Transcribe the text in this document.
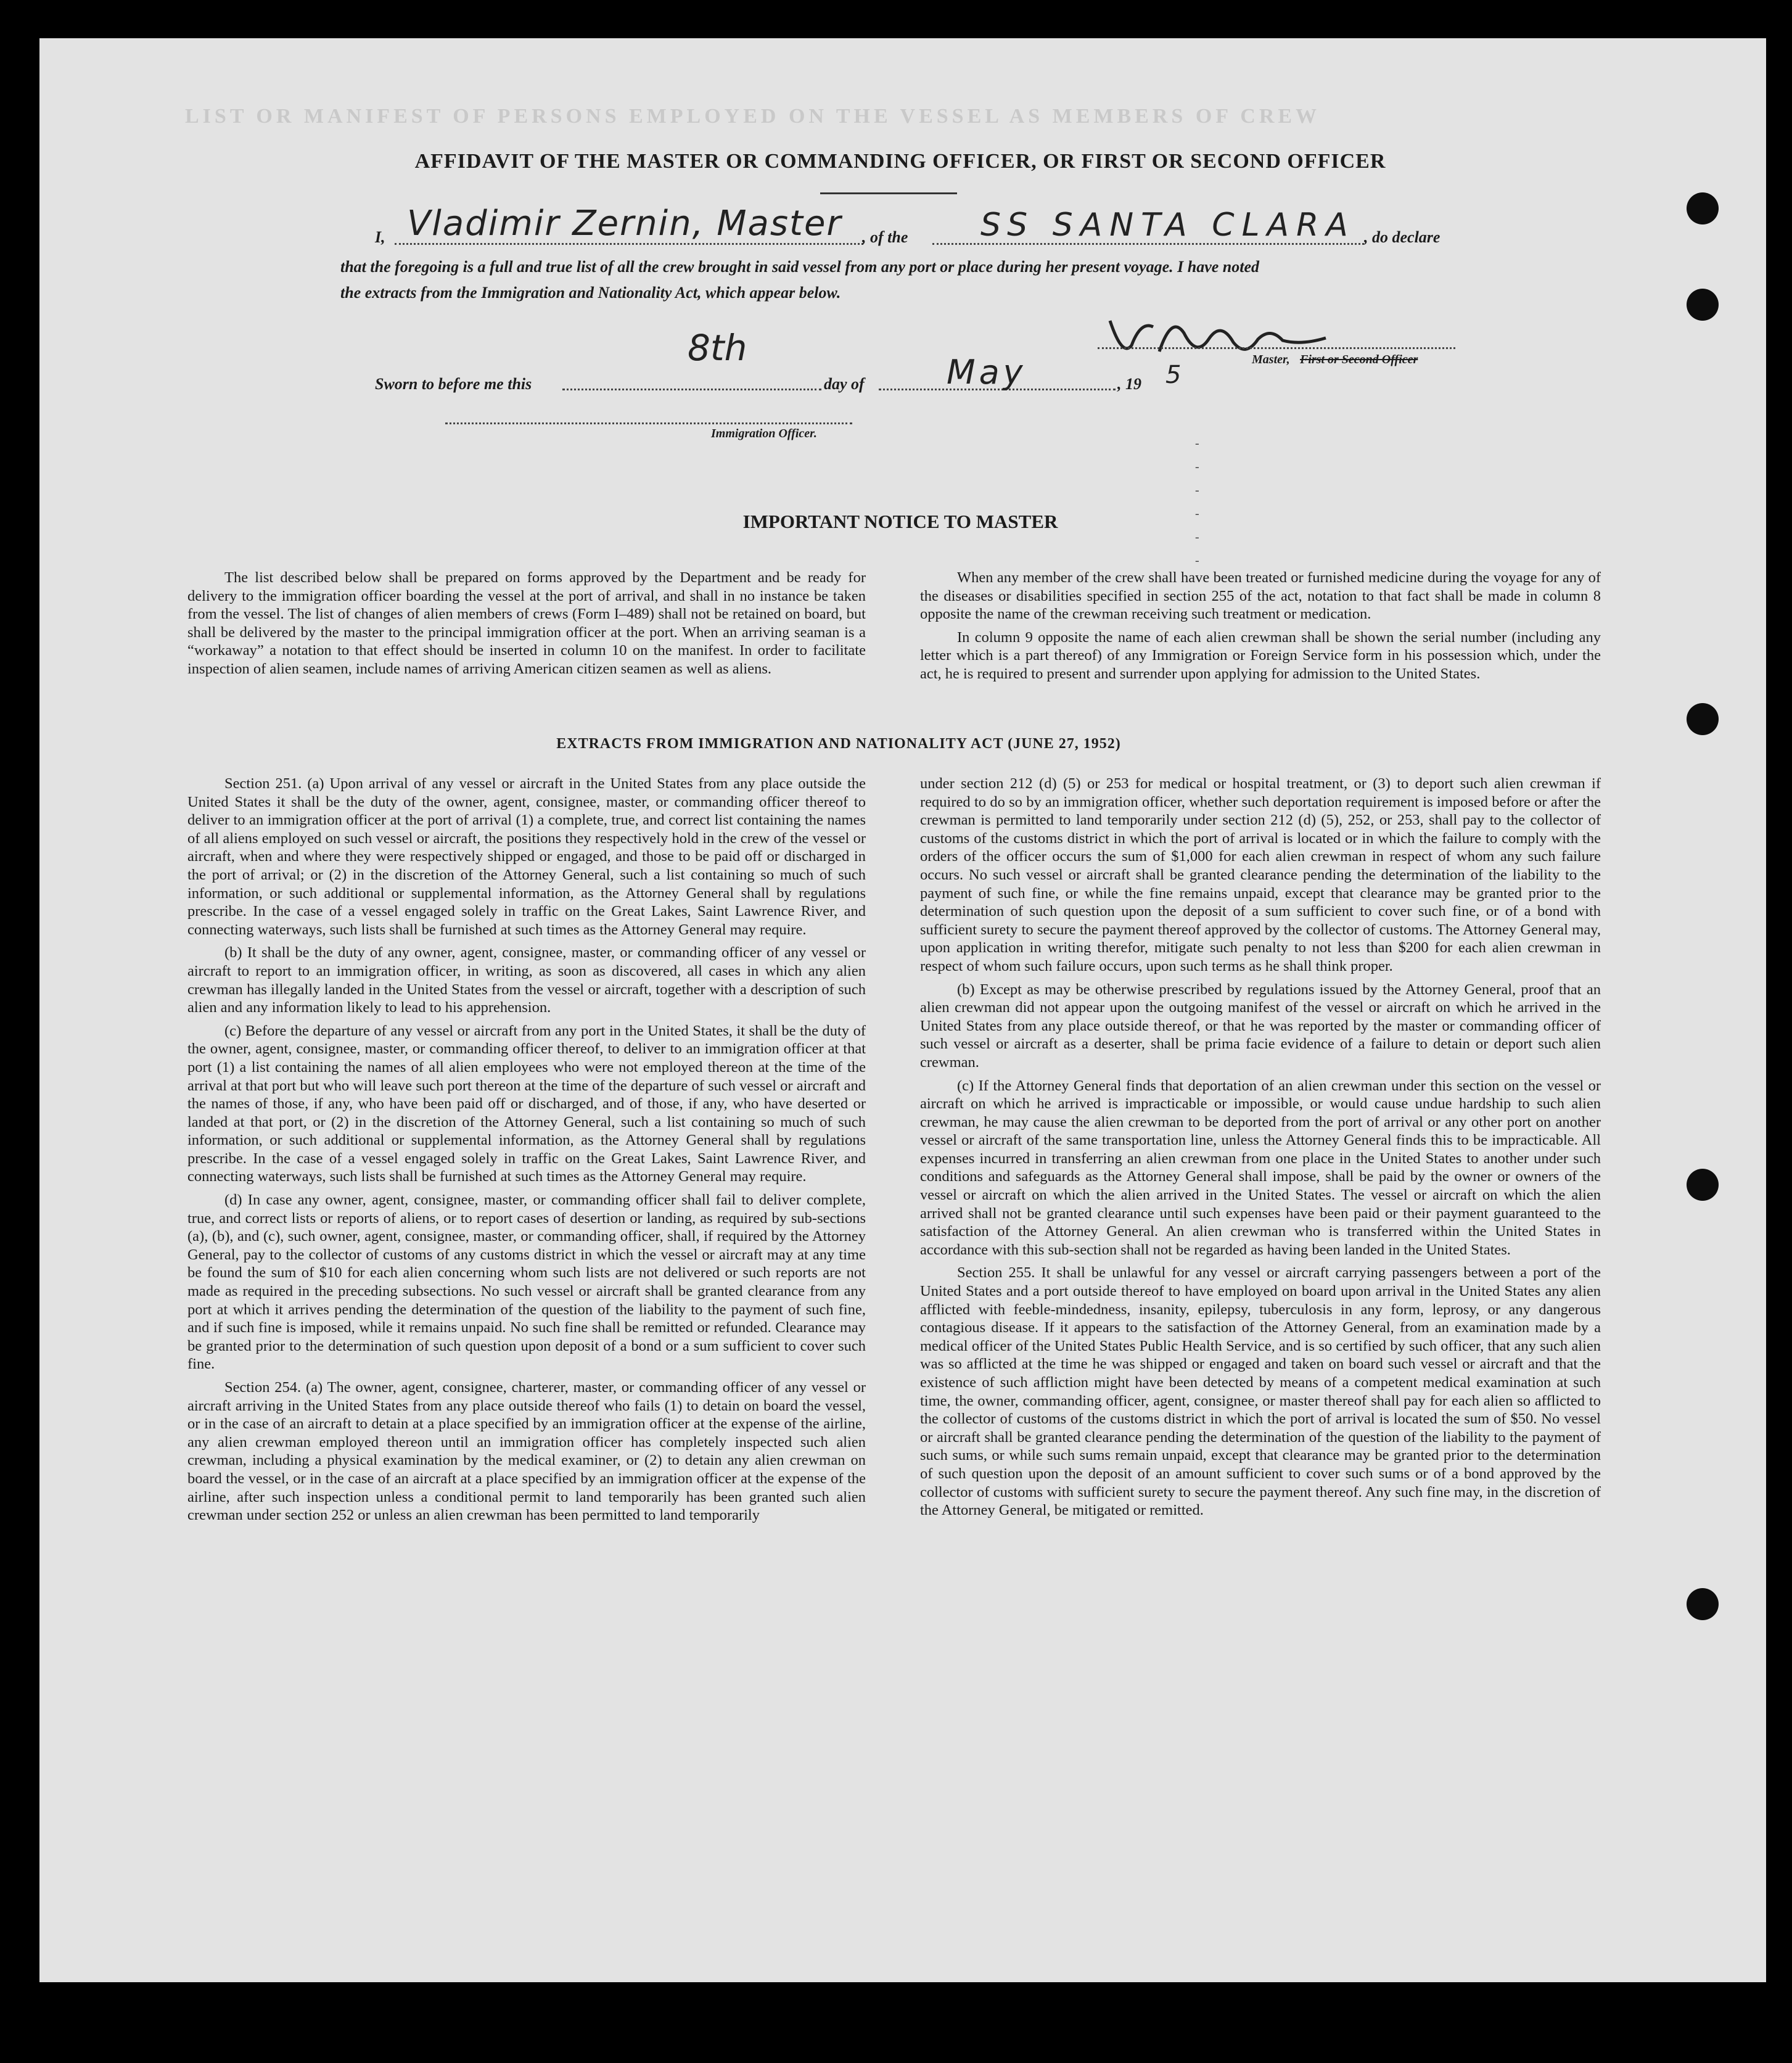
LIST OR MANIFEST OF PERSONS EMPLOYED ON THE VESSEL AS MEMBERS OF CREW
AFFIDAVIT OF THE MASTER OR COMMANDING OFFICER, OR FIRST OR SECOND OFFICER
I, Vladimir Zernin, Master , of the SS SANTA CLARA , do declare
that the foregoing is a full and true list of all the crew brought in said vessel from any port or place during her present voyage. I have noted
the extracts from the Immigration and Nationality Act, which appear below.
Master, First or Second Officer
Sworn to before me this
8th
day of May	, 19 5
Immigration Officer.
-
-
-
-
-
-
IMPORTANT NOTICE TO MASTER

The list described below shall be prepared on forms approved by the Department and be ready for delivery to the immigration officer boarding the vessel at the port of arrival, and shall in no instance be taken from the vessel. The list of changes of alien members of crews (Form I–489) shall not be retained on board, but shall be delivered by the master to the principal immigration officer at the port. When an arriving seaman is a “workaway” a notation to that effect should be inserted in column 10 on the manifest. In order to facilitate inspection of alien seamen, include names of arriving American citizen seamen as well as aliens.

When any member of the crew shall have been treated or furnished medicine during the voyage for any of the diseases or disabilities specified in section 255 of the act, notation to that fact shall be made in column 8 opposite the name of the crewman receiving such treatment or medication.

In column 9 opposite the name of each alien crewman shall be shown the serial number (including any letter which is a part thereof) of any Immigration or Foreign Service form in his possession which, under the act, he is required to present and surrender upon applying for admission to the United States.

EXTRACTS FROM IMMIGRATION AND NATIONALITY ACT (JUNE 27, 1952)

Section 251. (a) Upon arrival of any vessel or aircraft in the United States from any place outside the United States it shall be the duty of the owner, agent, consignee, master, or commanding officer thereof to deliver to an immigration officer at the port of arrival (1) a complete, true, and correct list containing the names of all aliens employed on such vessel or aircraft, the positions they respectively hold in the crew of the vessel or aircraft, when and where they were respectively shipped or engaged, and those to be paid off or discharged in the port of arrival; or (2) in the discretion of the Attorney General, such a list containing so much of such information, or such additional or supplemental information, as the Attorney General shall by regulations prescribe. In the case of a vessel engaged solely in traffic on the Great Lakes, Saint Lawrence River, and connecting waterways, such lists shall be furnished at such times as the Attorney General may require.

(b) It shall be the duty of any owner, agent, consignee, master, or commanding officer of any vessel or aircraft to report to an immigration officer, in writing, as soon as discovered, all cases in which any alien crewman has illegally landed in the United States from the vessel or aircraft, together with a description of such alien and any information likely to lead to his apprehension.

(c) Before the departure of any vessel or aircraft from any port in the United States, it shall be the duty of the owner, agent, consignee, master, or commanding officer thereof, to deliver to an immigration officer at that port (1) a list containing the names of all alien employees who were not employed thereon at the time of the arrival at that port but who will leave such port thereon at the time of the departure of such vessel or aircraft and the names of those, if any, who have been paid off or discharged, and of those, if any, who have deserted or landed at that port, or (2) in the discretion of the Attorney General, such a list containing so much of such information, or such additional or supplemental information, as the Attorney General shall by regulations prescribe. In the case of a vessel engaged solely in traffic on the Great Lakes, Saint Lawrence River, and connecting waterways, such lists shall be furnished at such times as the Attorney General may require.

(d) In case any owner, agent, consignee, master, or commanding officer shall fail to deliver complete, true, and correct lists or reports of aliens, or to report cases of desertion or landing, as required by sub-sections (a), (b), and (c), such owner, agent, consignee, master, or commanding officer, shall, if required by the Attorney General, pay to the collector of customs of any customs district in which the vessel or aircraft may at any time be found the sum of $10 for each alien concerning whom such lists are not delivered or such reports are not made as required in the preceding subsections. No such vessel or aircraft shall be granted clearance from any port at which it arrives pending the determination of the question of the liability to the payment of such fine, and if such fine is imposed, while it remains unpaid. No such fine shall be remitted or refunded. Clearance may be granted prior to the determination of such question upon deposit of a bond or a sum sufficient to cover such fine.

Section 254. (a) The owner, agent, consignee, charterer, master, or commanding officer of any vessel or aircraft arriving in the United States from any place outside thereof who fails (1) to detain on board the vessel, or in the case of an aircraft to detain at a place specified by an immigration officer at the expense of the airline, any alien crewman employed thereon until an immigration officer has completely inspected such alien crewman, including a physical examination by the medical examiner, or (2) to detain any alien crewman on board the vessel, or in the case of an aircraft at a place specified by an immigration officer at the expense of the airline, after such inspection unless a conditional permit to land temporarily has been granted such alien crewman under section 252 or unless an alien crewman has been permitted to land temporarily

under section 212 (d) (5) or 253 for medical or hospital treatment, or (3) to deport such alien crewman if required to do so by an immigration officer, whether such deportation requirement is imposed before or after the crewman is permitted to land temporarily under section 212 (d) (5), 252, or 253, shall pay to the collector of customs of the customs district in which the port of arrival is located or in which the failure to comply with the orders of the officer occurs the sum of $1,000 for each alien crewman in respect of whom any such failure occurs. No such vessel or aircraft shall be granted clearance pending the determination of the liability to the payment of such fine, or while the fine remains unpaid, except that clearance may be granted prior to the determination of such question upon the deposit of a sum sufficient to cover such fine, or of a bond with sufficient surety to secure the payment thereof approved by the collector of customs. The Attorney General may, upon application in writing therefor, mitigate such penalty to not less than $200 for each alien crewman in respect of whom such failure occurs, upon such terms as he shall think proper.

(b) Except as may be otherwise prescribed by regulations issued by the Attorney General, proof that an alien crewman did not appear upon the outgoing manifest of the vessel or aircraft on which he arrived in the United States from any place outside thereof, or that he was reported by the master or commanding officer of such vessel or aircraft as a deserter, shall be prima facie evidence of a failure to detain or deport such alien crewman.

(c) If the Attorney General finds that deportation of an alien crewman under this section on the vessel or aircraft on which he arrived is impracticable or impossible, or would cause undue hardship to such alien crewman, he may cause the alien crewman to be deported from the port of arrival or any other port on another vessel or aircraft of the same transportation line, unless the Attorney General finds this to be impracticable. All expenses incurred in transferring an alien crewman from one place in the United States to another under such conditions and safeguards as the Attorney General shall impose, shall be paid by the owner or owners of the vessel or aircraft on which the alien arrived in the United States. The vessel or aircraft on which the alien arrived shall not be granted clearance until such expenses have been paid or their payment guaranteed to the satisfaction of the Attorney General. An alien crewman who is transferred within the United States in accordance with this sub-section shall not be regarded as having been landed in the United States.

Section 255. It shall be unlawful for any vessel or aircraft carrying passengers between a port of the United States and a port outside thereof to have employed on board upon arrival in the United States any alien afflicted with feeble-mindedness, insanity, epilepsy, tuberculosis in any form, leprosy, or any dangerous contagious disease. If it appears to the satisfaction of the Attorney General, from an examination made by a medical officer of the United States Public Health Service, and is so certified by such officer, that any such alien was so afflicted at the time he was shipped or engaged and taken on board such vessel or aircraft and that the existence of such affliction might have been detected by means of a competent medical examination at such time, the owner, commanding officer, agent, consignee, or master thereof shall pay for each alien so afflicted to the collector of customs of the customs district in which the port of arrival is located the sum of $50. No vessel or aircraft shall be granted clearance pending the determination of the question of the liability to the payment of such sums, or while such sums remain unpaid, except that clearance may be granted prior to the determination of such question upon the deposit of an amount sufficient to cover such sums or of a bond approved by the collector of customs with sufficient surety to secure the payment thereof. Any such fine may, in the discretion of the Attorney General, be mitigated or remitted.
